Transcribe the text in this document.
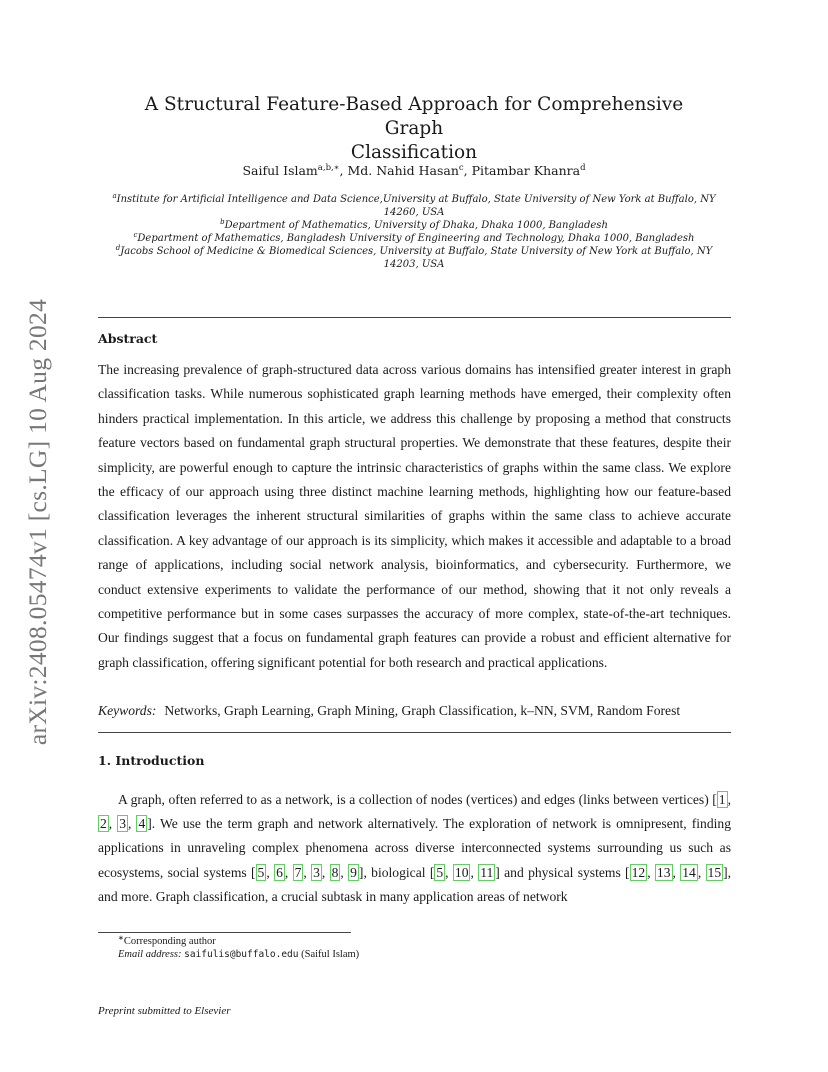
arXiv:2408.05474v1 [cs.LG] 10 Aug 2024
A Structural Feature-Based Approach for Comprehensive Graph
Classification

Saiful Islam$^{a,b,∗}$, Md. Nahid Hasan$^c$, Pitambar Khanra$^d$

$^a$Institute for Artificial Intelligence and Data Science,University at Buffalo, State University of New York at Buffalo, NY 14260, USA
$^b$Department of Mathematics, University of Dhaka, Dhaka 1000, Bangladesh
$^c$Department of Mathematics, Bangladesh University of Engineering and Technology, Dhaka 1000, Bangladesh
$^d$Jacobs School of Medicine & Biomedical Sciences, University at Buffalo, State University of New York at Buffalo, NY 14203, USA
Abstract

The increasing prevalence of graph-structured data across various domains has intensified greater interest in graph classification tasks. While numerous sophisticated graph learning methods have emerged, their complexity often hinders practical implementation. In this article, we address this challenge by proposing a method that constructs feature vectors based on fundamental graph structural properties. We demonstrate that these features, despite their simplicity, are powerful enough to capture the intrinsic characteristics of graphs within the same class. We explore the efficacy of our approach using three distinct machine learning methods, highlighting how our feature-based classification leverages the inherent structural similarities of graphs within the same class to achieve accurate classification. A key advantage of our approach is its simplicity, which makes it accessible and adaptable to a broad range of applications, including social network analysis, bioinformatics, and cybersecurity. Furthermore, we conduct extensive experiments to validate the performance of our method, showing that it not only reveals a competitive performance but in some cases surpasses the accuracy of more complex, state-of-the-art techniques. Our findings suggest that a focus on fundamental graph features can provide a robust and efficient alternative for graph classification, offering significant potential for both research and practical applications.

Keywords: Networks, Graph Learning, Graph Mining, Graph Classification, k–NN, SVM, Random Forest

1. Introduction

A graph, often referred to as a network, is a collection of nodes (vertices) and edges (links between vertices) [ 1 , 2 , 3 , 4 ]. We use the term graph and network alternatively. The exploration of network is omnipresent, finding applications in unraveling complex phenomena across diverse interconnected systems surrounding us such as ecosystems, social systems [ 5 , 6 , 7 , 3 , 8 , 9 ], biological [ 5 , 10 , 11 ] and physical systems [ 12 , 13 , 14 , 15 ], and more. Graph classification, a crucial subtask in many application areas of network

∗Corresponding author
Email address: saifulis@buffalo.edu (Saiful Islam)
Preprint submitted to Elsevier
